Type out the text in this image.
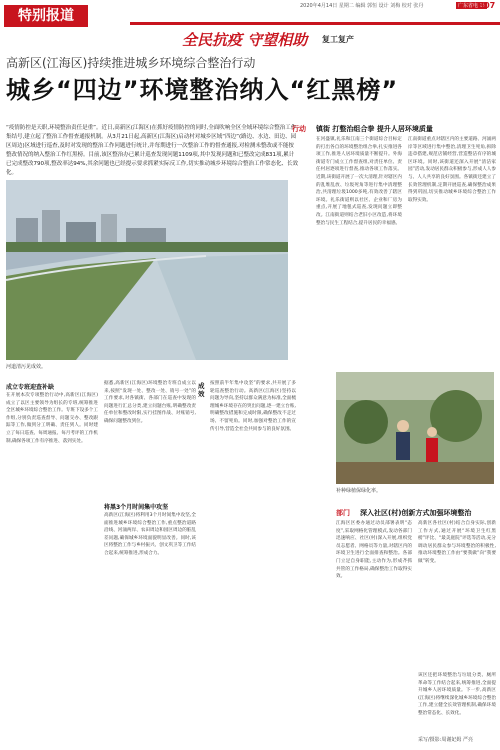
特别报道
2020年4月14日 星期二 编辑 郭恒 设计 刘梅 校对 张丹	广东省电 影
B07
全民抗疫 守望相助 复工复产
高新区(江海区)持续推进城乡环境综合整治行动
城乡“四边”环境整治纳入“红黑榜”
“疫情防控是天职,环境整治责任是重”。近日,高新区(江海区)在抓好疫情防控的同时,全面吹响全区全域环境综合整治工作集结号,建立起了整治工作督查通报机制。从3月21日起,高新区(江海区)启动村对城乡区域“四边”(路边、水边、田边、园区周边)区域进行巡查,及时对发现的整治工作问题进行统计,并每期进行一次整治工作的督查通报,对检测未整改或不能按整改情况的纳入整治工作红黑榜。目前,该区整治办已累计巡查发现问题1109项,其中发现问题和已整改完成831项,累计已完成整改790项,整改率达94%,其余问题也已经提示要求抓紧实际反工作,切实推动城乡环境综合整治工作常态化、长效化。
河道清污见成效。
行动 镇街 打整治组合拳 提升人居环境质量
在河盛镇,礼乐和江南三个街道综合目标定的打出各自的环境整治组合拳,扎实推进各项工作,推进人居环境质量不断提升。外海街道专门成立工作督查组,对责任单位、责任村居逐项进行督查,推动各项工作落实。近期,该街道开展了一次大清理,针对辖区内的乱堆乱放、垃圾死角等进行集中清理整治,共清理垃圾1000多吨,有效改善了辖区环境。礼乐街道则以社区、企业和厂房为重点,开展了地毯式巡查,发现问题立即整改。江南街道则结合老旧小区改造,将环境整治与民生工程结合,提升居民的幸福感。
江南街道重点对辖区内的主要道路、河涌两岸等区域进行集中整治,清理卫生死角,拆除违章搭建,规范店铺经营,营造整洁有序的城区环境。同时,该街道还深入开展“清洁家园”活动,发动居民群众积极参与,形成人人参与、人人共享的良好氛围。各镇街还建立了长效管理机制,定期开展巡查,确保整治成果得到巩固,切实推动城乡环境综合整治工作取得实效。
补种绿植保绿化率。
成立专班迎查补缺
在开展本次专项整治行动中,高新区(江海区)成立了以区主要领导为组长的专班,统筹推进全区城乡环境综合整治工作。专班下设多个工作组,分别负责巡查督导、问题交办、整改跟踪等工作,做到分工明确、责任到人。同时建立了每日巡查、每周通报、每月考评的工作机制,确保各项工作有序推进、落到实处。
据悉,高新区(江海区)环境整治专班自成立以来,按照“发现一处、整改一处、销号一处”的工作要求,对各镇街、各部门在巡查中发现的问题进行汇总分类,建立问题台账,明确整改责任单位和整改时限,实行挂图作战、对账销号,确保问题整改到位。
将黑3个月时间集中攻坚
高新区(江海区)将利用3个月时间集中攻坚,全面推进城乡环境综合整治工作,重点整治道路沿线、河涌两岸、农田周边和园区周边的脏乱差问题,确保城乡环境面貌明显改善。同时,该区将整治工作与乡村振兴、创文巩卫等工作结合起来,统筹推进,形成合力。
成效
按照前半年集中攻坚”的要求,共开展了多轮巡查整治行动。高新区(江海区)坚持以问题为导向,坚持以群众满意为标准,全面梳理城乡环境存在的突出问题,逐一建立台账,明确整改措施和完成时限,确保整改不走过场、不留死角。同时,加强对整治工作的宣传引导,营造全社会共同参与的良好氛围。
部门 深入社区(村)创新方式加强环境整治
江海区区委办通过动员部署表明“态度”,采取网格化管理模式,发动各部门迅速响应、社区(村)深入开展,组织党员志愿者、网格员等力量,对辖区内的环境卫生进行全面排查和整治。各部门立足自身职能,主动作为,形成齐抓共管的工作格局,确保整治工作取得实效。
高新区各社区(村)结合自身实际,创新工作方式,通过开展“环境卫生红黑榜”评比、“最美庭院”评选等活动,充分调动居民群众参与环境整治的积极性,推动环境整治工作由“要我做”向“我要做”转变。
该区还把环境整治与垃圾分类、厕所革命等工作结合起来,统筹推进,全面提升城乡人居环境质量。下一步,高新区(江海区)将继续深化城乡环境综合整治工作,建立健全长效管理机制,确保环境整治常态化、长效化。
采写/摄影:周谢妃姆 严亮
